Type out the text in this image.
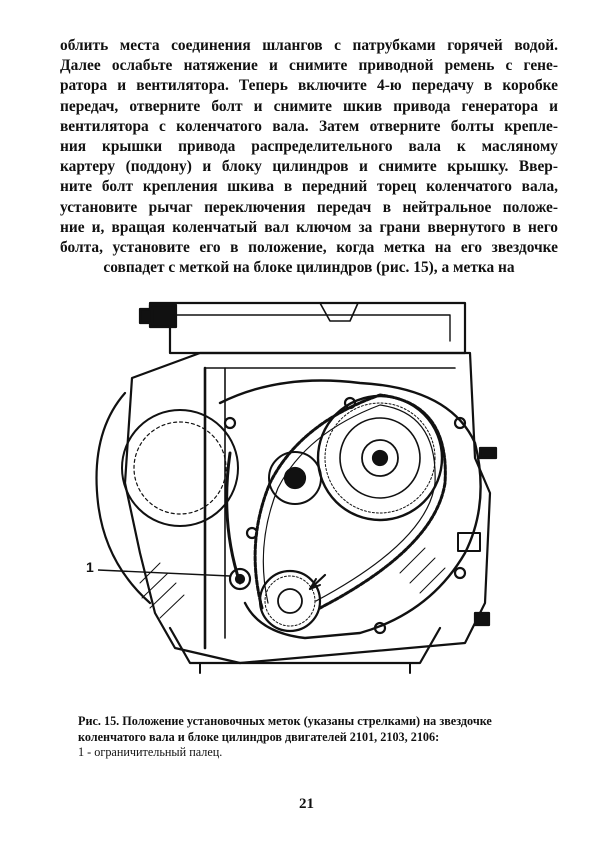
облить места соединения шлангов с патрубками горячей водой.
Далее ослабьте натяжение и снимите приводной ремень с гене-
ратора и вентилятора. Теперь включите 4-ю передачу в коробке
передач, отверните болт и снимите шкив привода генератора и
вентилятора с коленчатого вала. Затем отверните болты крепле-
ния крышки привода распределительного вала к масляному
картеру (поддону) и блоку цилиндров и снимите крышку. Ввер-
ните болт крепления шкива в передний торец коленчатого вала,
установите рычаг переключения передач в нейтральное положе-
ние и, вращая коленчатый вал ключом за грани ввернутого в него
болта, установите его в положение, когда метка на его звездочке
совпадет с меткой на блоке цилиндров (рис. 15), а метка на
1
Рис. 15. Положение установочных меток (указаны стрелками) на звездочке
коленчатого вала и блоке цилиндров двигателей 2101, 2103, 2106:
1 - ограничительный палец.
21
